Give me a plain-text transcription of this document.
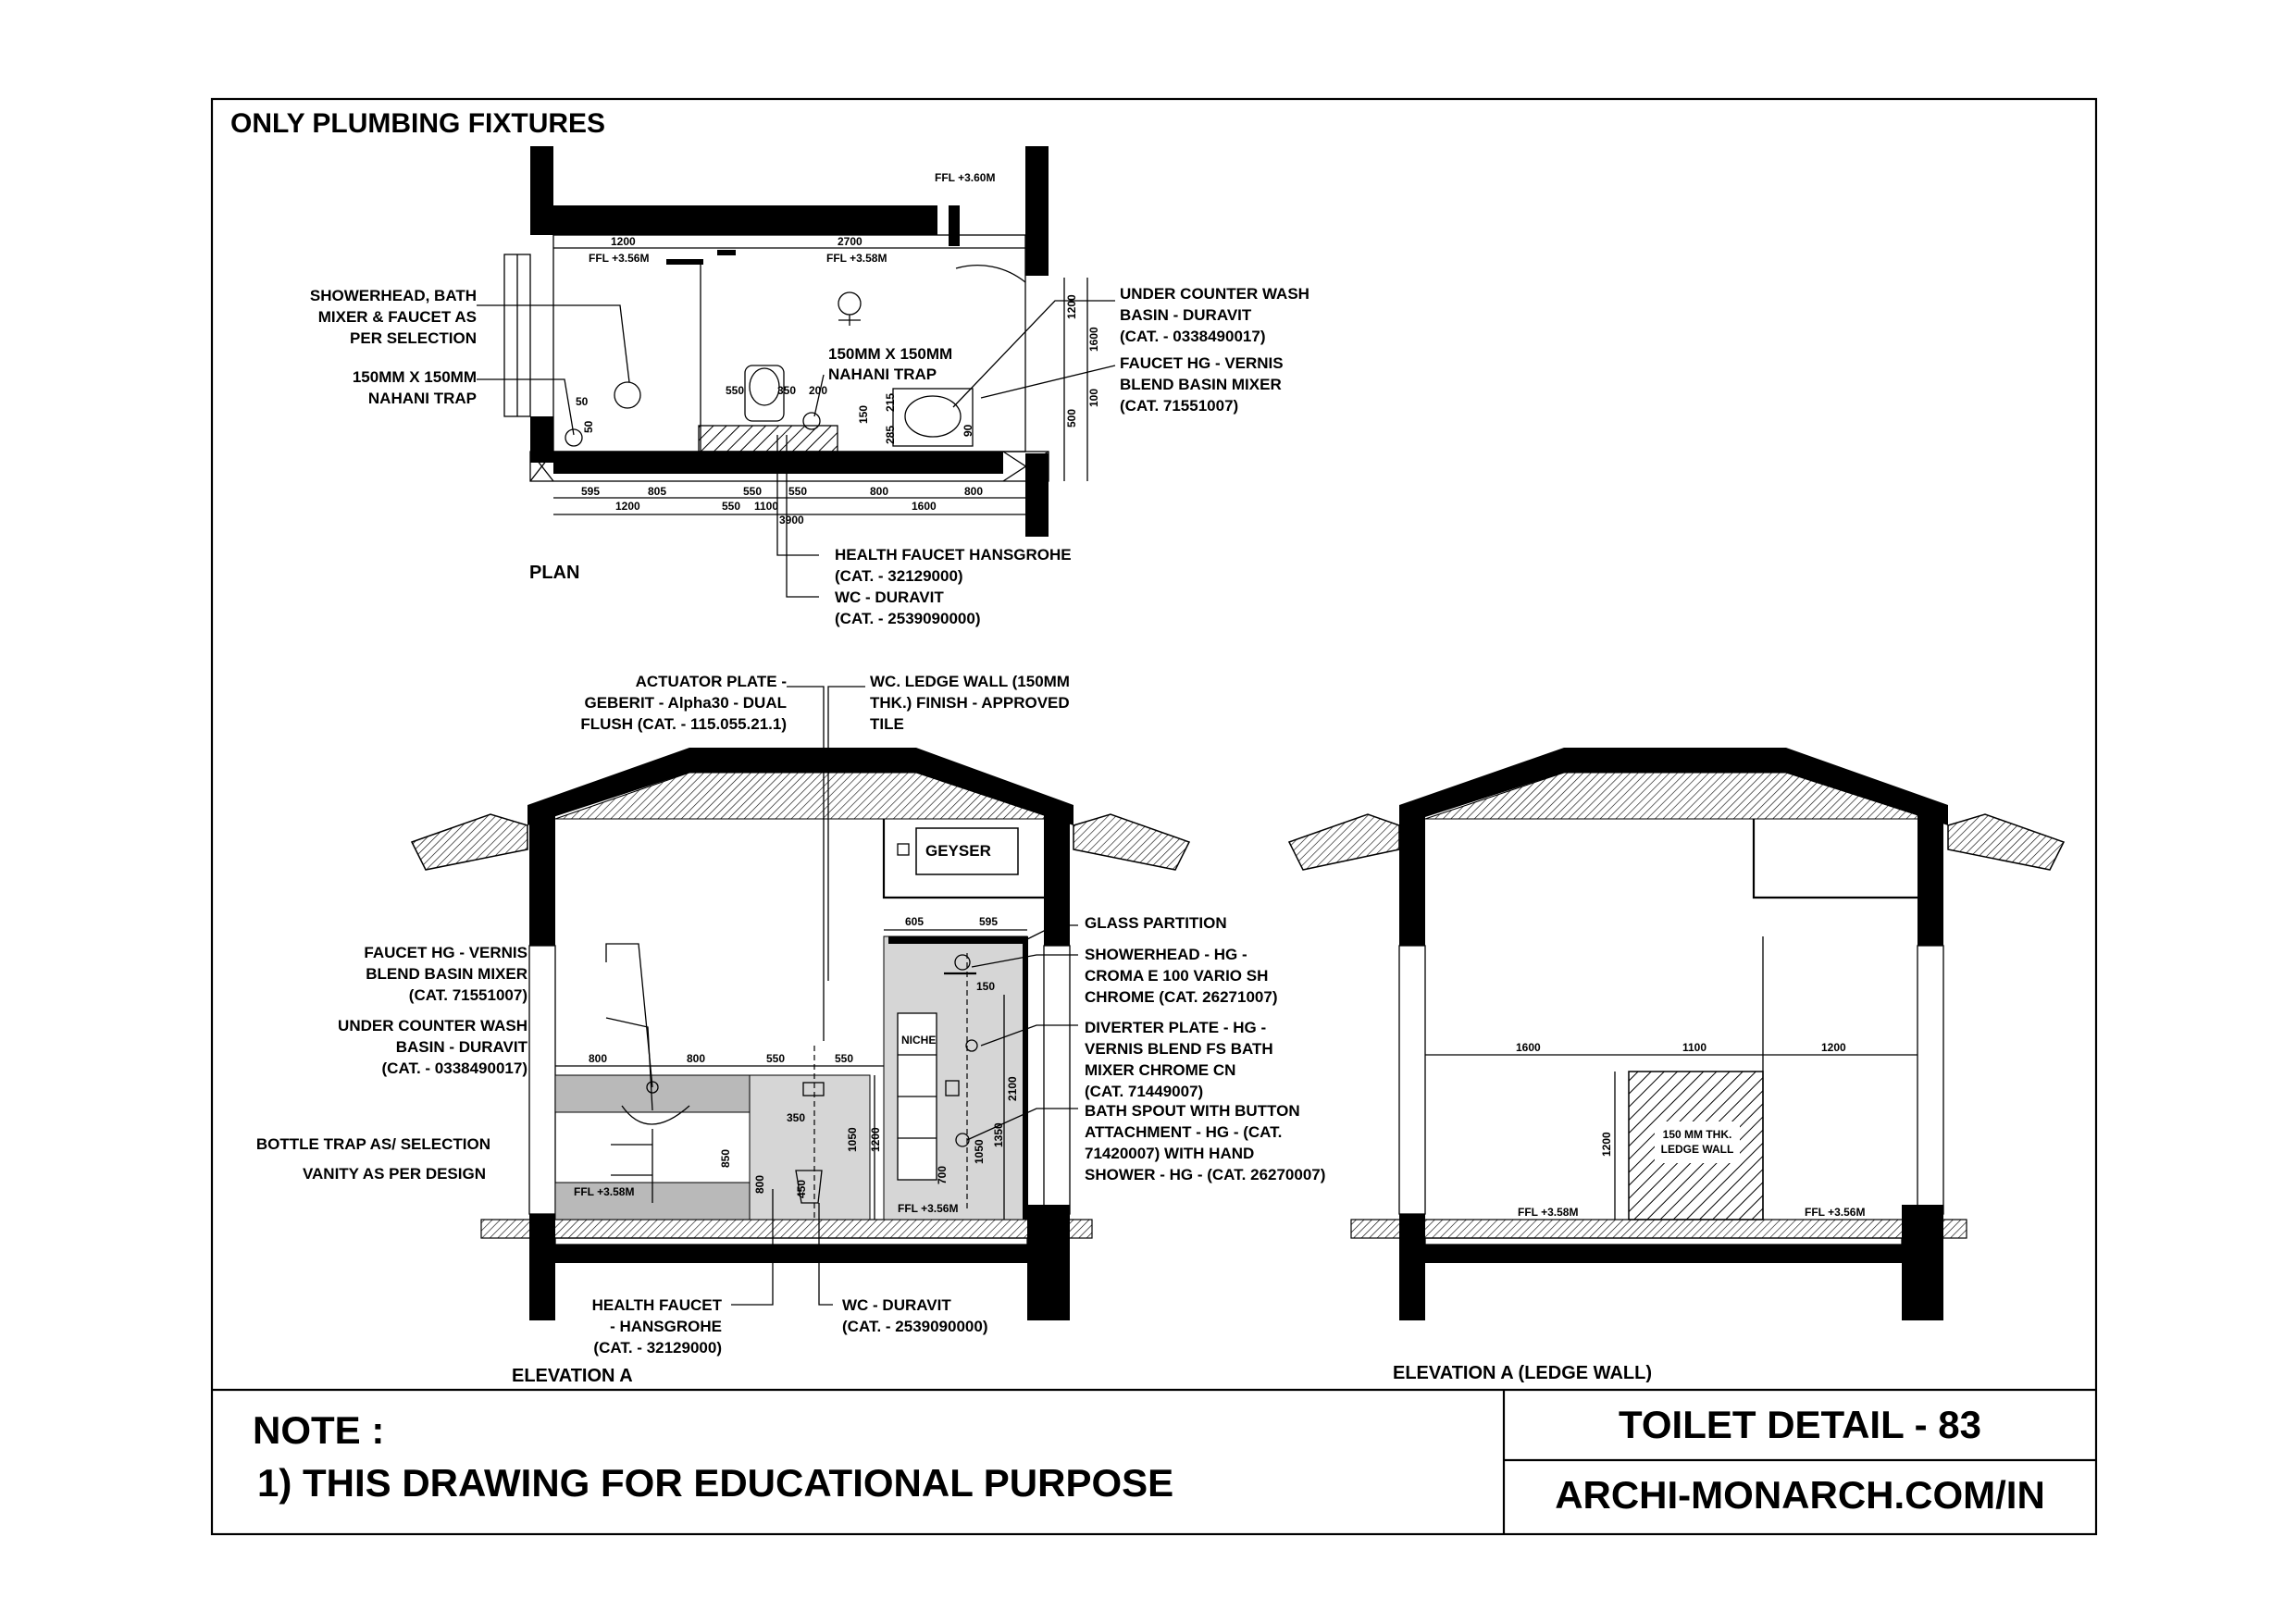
ONLY PLUMBING FIXTURES
FFL +3.60M
FFL +3.56M	FFL +3.58M
NICHE
1200	2700
595	805	550 550	800	800
1200	550 1100	1600
3900
550	350 200
50
50
150
285
215
90
500
100
1600
1200
SHOWERHEAD, BATH
MIXER & FAUCET AS
PER SELECTION
150MM X 150MM
NAHANI TRAP
150MM X 150MM
NAHANI TRAP
UNDER COUNTER WASH
BASIN - DURAVIT
(CAT. - 0338490017)
FAUCET HG - VERNIS
BLEND BASIN MIXER
(CAT. 71551007)
HEALTH FAUCET HANSGROHE
(CAT. - 32129000)
WC - DURAVIT
(CAT. - 2539090000)
PLAN
GEYSER
NICHE
FFL +3.58M
FFL +3.56M
800	800	550	550
605	595
350
850
800	450
1050 1200
700
150
1050
1350
2100
ACTUATOR PLATE -
GEBERIT - Alpha30 - DUAL
FLUSH (CAT. - 115.055.21.1)
WC. LEDGE WALL (150MM
THK.) FINISH - APPROVED
TILE
FAUCET HG - VERNIS
BLEND BASIN MIXER
(CAT. 71551007)
UNDER COUNTER WASH
BASIN - DURAVIT
(CAT. - 0338490017)
BOTTLE TRAP AS/ SELECTION
VANITY AS PER DESIGN
GLASS PARTITION
SHOWERHEAD - HG -
CROMA E 100 VARIO SH
CHROME (CAT. 26271007)
DIVERTER PLATE - HG -
VERNIS BLEND FS BATH
MIXER CHROME CN
(CAT. 71449007)
BATH SPOUT WITH BUTTON
ATTACHMENT - HG - (CAT.
71420007) WITH HAND
SHOWER - HG - (CAT. 26270007)
HEALTH FAUCET
- HANSGROHE
(CAT. - 32129000)
WC - DURAVIT
(CAT. - 2539090000)
ELEVATION A
1600	1100	1200
1200	150 MM THK.
LEDGE WALL
FFL +3.58M	FFL +3.56M
ELEVATION A (LEDGE WALL)
NOTE :
1) THIS DRAWING FOR EDUCATIONAL PURPOSE
TOILET DETAIL - 83
ARCHI-MONARCH.COM/IN
